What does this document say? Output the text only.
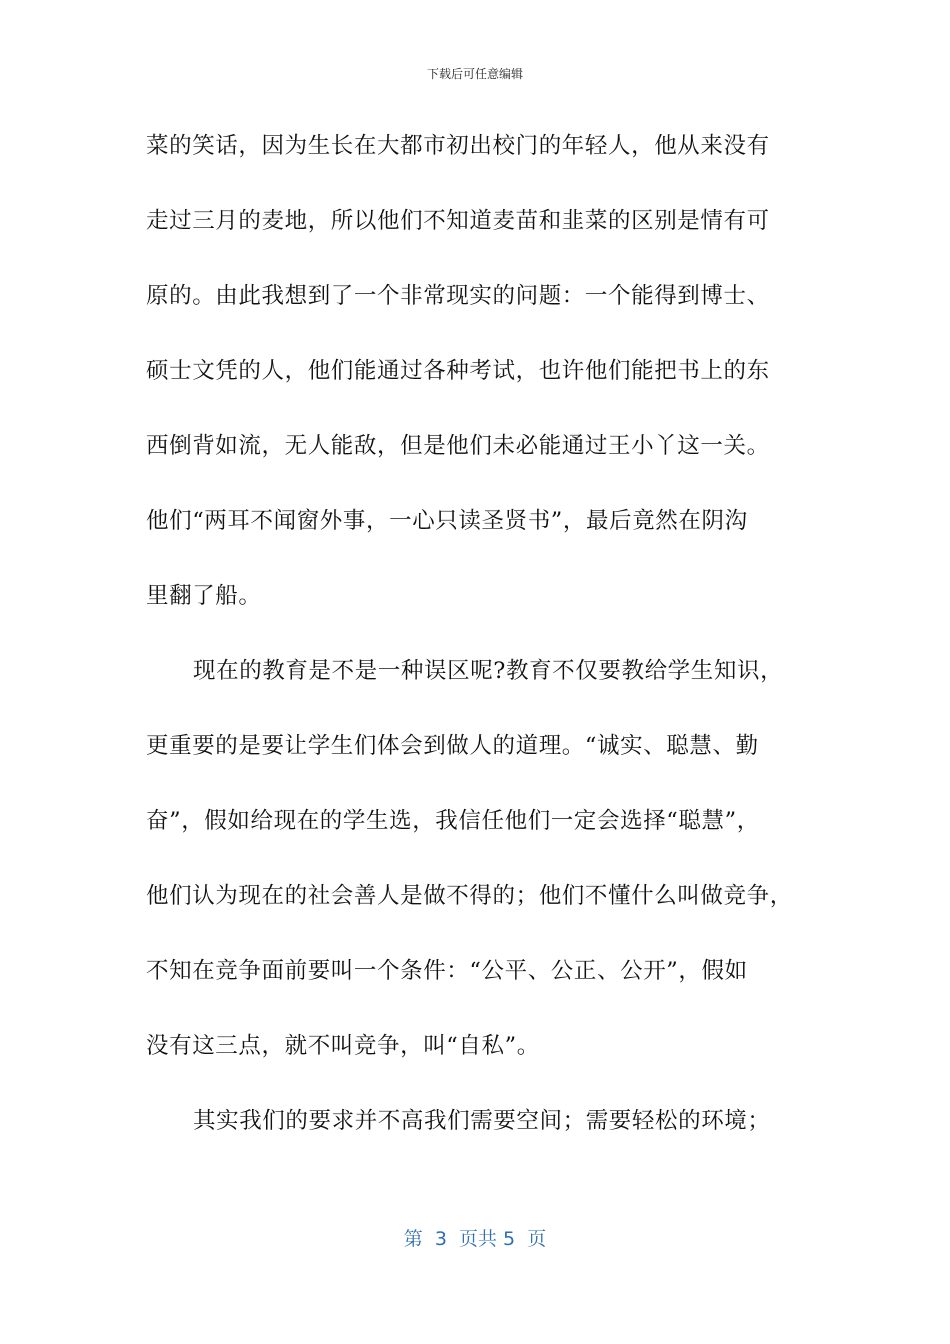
下载后可任意编辑
菜的笑话，因为生长在大都市初出校门的年轻人，他从来没有
走过三月的麦地，所以他们不知道麦苗和韭菜的区别是情有可
原的。由此我想到了一个非常现实的问题：一个能得到博士、
硕士文凭的人，他们能通过各种考试，也许他们能把书上的东
西倒背如流，无人能敌，但是他们未必能通过王小丫这一关。
他们“两耳不闻窗外事，一心只读圣贤书”，最后竟然在阴沟
里翻了船。
现在的教育是不是一种误区呢?教育不仅要教给学生知识，
更重要的是要让学生们体会到做人的道理。“诚实、聪慧、勤
奋”，假如给现在的学生选，我信任他们一定会选择“聪慧”，
他们认为现在的社会善人是做不得的；他们不懂什么叫做竞争，
不知在竞争面前要叫一个条件：“公平、公正、公开”，假如
没有这三点，就不叫竞争，叫“自私”。
其实我们的要求并不高我们需要空间；需要轻松的环境；
第  3  页共 5  页
